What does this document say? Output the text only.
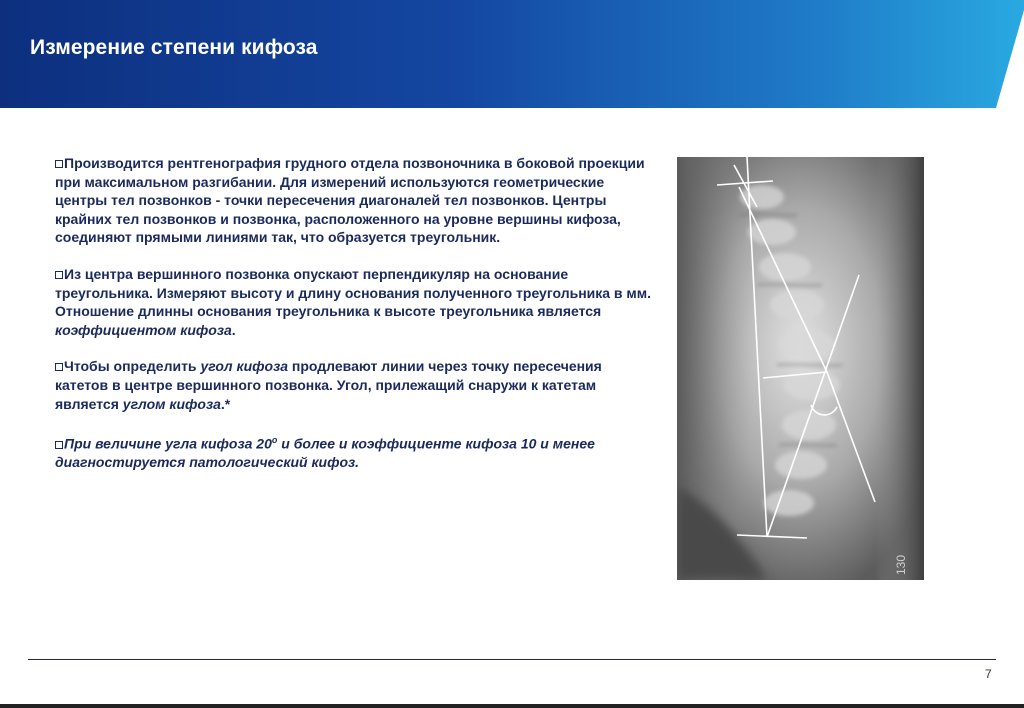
Измерение степени кифоза

Производится рентгенография грудного отдела позвоночника в боковой проекции при максимальном разгибании. Для измерений используются геометрические центры тел позвонков - точки пересечения диагоналей тел позвонков. Центры крайних тел позвонков и позвонка, расположенного на уровне вершины кифоза, соединяют прямыми линиями так, что образуется треугольник.

Из центра вершинного позвонка опускают перпендикуляр на основание треугольника. Измеряют высоту и длину основания полученного треугольника в мм. Отношение длинны основания треугольника к высоте треугольника является коэффициентом кифоза.

Чтобы определить угол кифоза продлевают линии через точку пересечения катетов в центре вершинного позвонка. Угол, прилежащий снаружи к катетам является углом кифоза.*

При величине угла кифоза $20^о$ и более и коэффициенте кифоза 10 и менее диагностируется патологический кифоз.

130
7
